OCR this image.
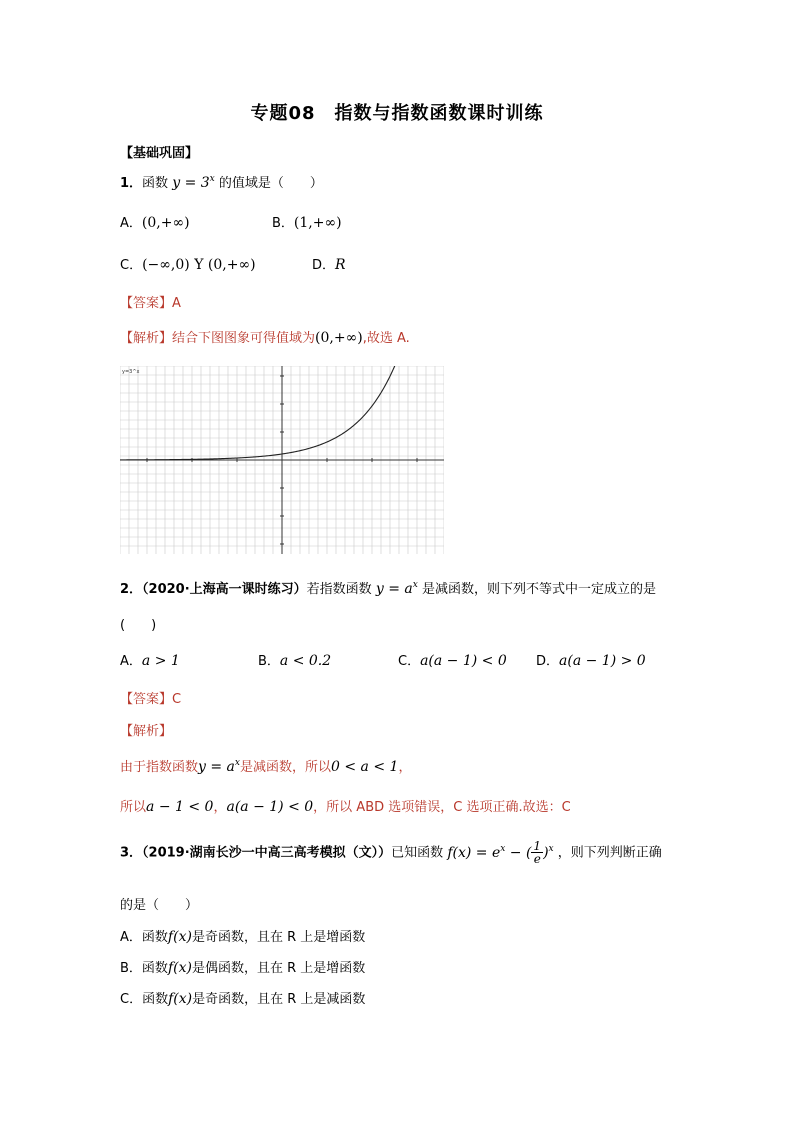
专题08　指数与指数函数课时训练
【基础巩固】
1．函数 $y = 3^x$ 的值域是（　　）
A．(0,+∞)	B．(1,+∞)
C．(−∞,0) Υ (0,+∞)	D．R
【答案】A
【解析】结合下图图象可得值域为(0,+∞),故选 A.
y=3^x
2．（2020·上海高一课时练习）若指数函数 $y = a^x$ 是减函数，则下列不等式中一定成立的是
(　　)
A．a > 1	B．a < 0.2	C．a(a − 1) < 0 D．a(a − 1) > 0
【答案】C
【解析】
由于指数函数$y = a^x$是减函数，所以0 < a < 1，
所以a − 1 < 0，a(a − 1) < 0，所以 ABD 选项错误，C 选项正确.故选：C
3．（2019·湖南长沙一中高三高考模拟（文））已知函数 $f(x) = e^x$ − ( $\frac{1}{e} )^x$ ，则下列判断正确
的是（　　）
A．函数f(x)是奇函数，且在 R 上是增函数
B．函数f(x)是偶函数，且在 R 上是增函数
C．函数f(x)是奇函数，且在 R 上是减函数
